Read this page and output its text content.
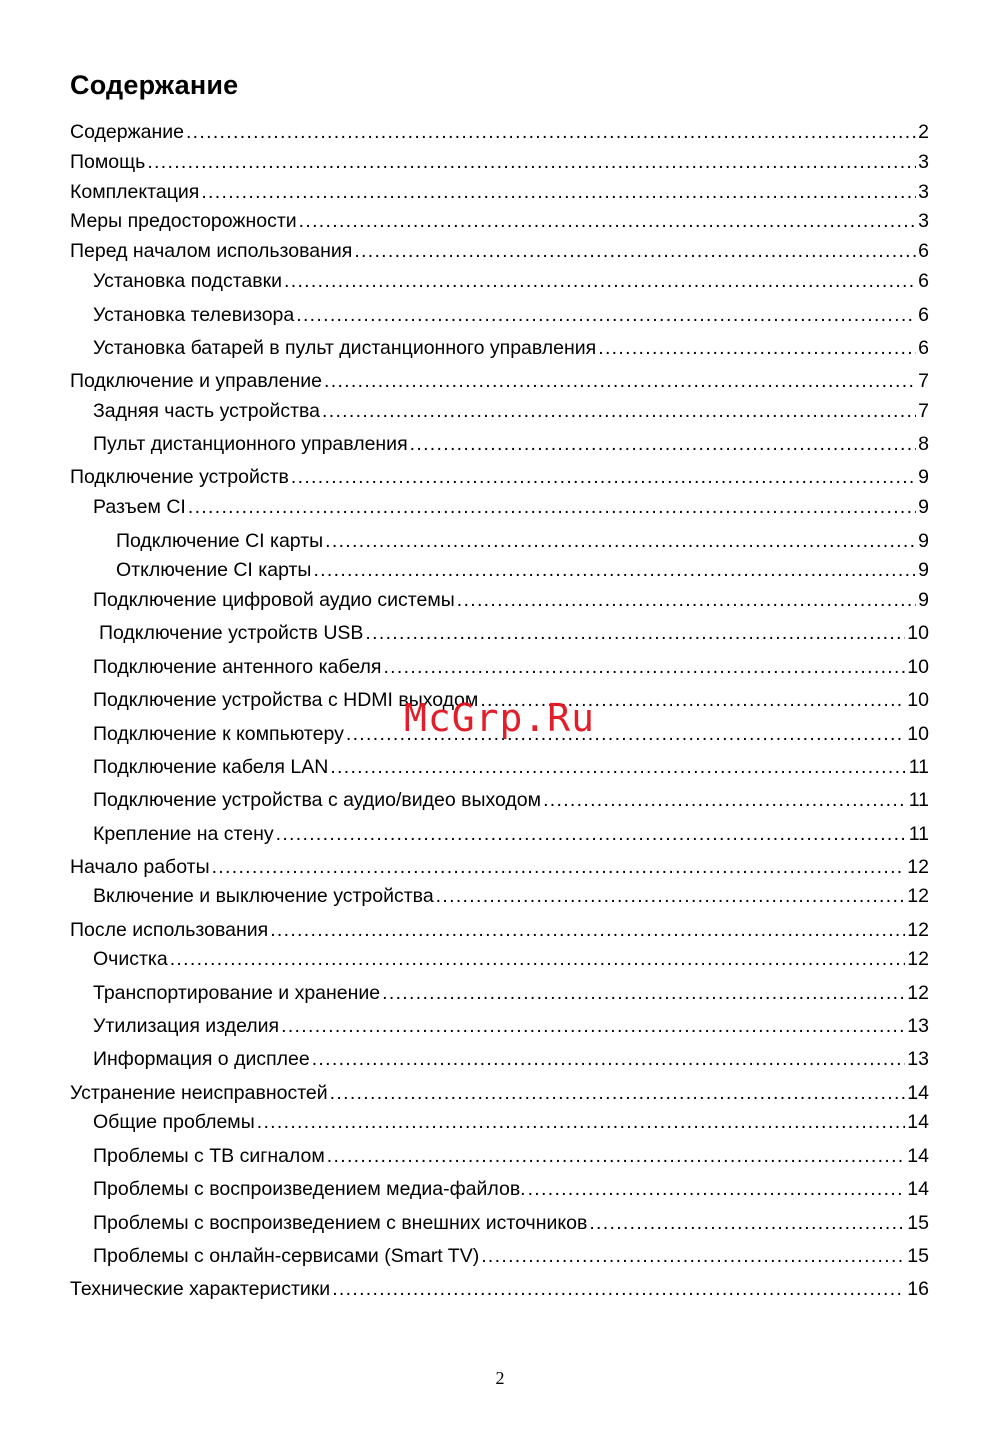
Содержание
Содержание .....	2
Помощь .....	3
Комплектация .....	3
Меры предосторожности .....	3
Перед началом использования .....	6
Установка подставки .....	6
Установка телевизора .....	6
Установка батарей в пульт дистанционного управления .....	6
Подключение и управление .....	7
Задняя часть устройства .....	7
Пульт дистанционного управления .....	8
Подключение устройств .....	9
Разъем CI .....	9
Подключение CI карты .....	9
Отключение CI карты .....	9
Подключение цифровой аудио системы .....	9
Подключение устройств USB .....	10
Подключение антенного кабеля .....	10
Подключение устройства с HDMI выходом .....	10
Подключение к компьютеру .....	10
Подключение кабеля LAN .....	11
Подключение устройства с аудио/видео выходом .....	11
Крепление на стену .....	11
Начало работы .....	12
Включение и выключение устройства .....	12
После использования .....	12
Очистка .....	12
Транспортирование и хранение .....	12
Утилизация изделия .....	13
Информация о дисплее .....	13
Устранение неисправностей .....	14
Общие проблемы .....	14
Проблемы с ТВ сигналом .....	14
Проблемы с воспроизведением медиа-файлов. .....	14
Проблемы с воспроизведением с внешних источников .....	15
Проблемы с онлайн-сервисами (Smart TV) .....	15
Технические характеристики .....	16
McGrp.Ru
2
